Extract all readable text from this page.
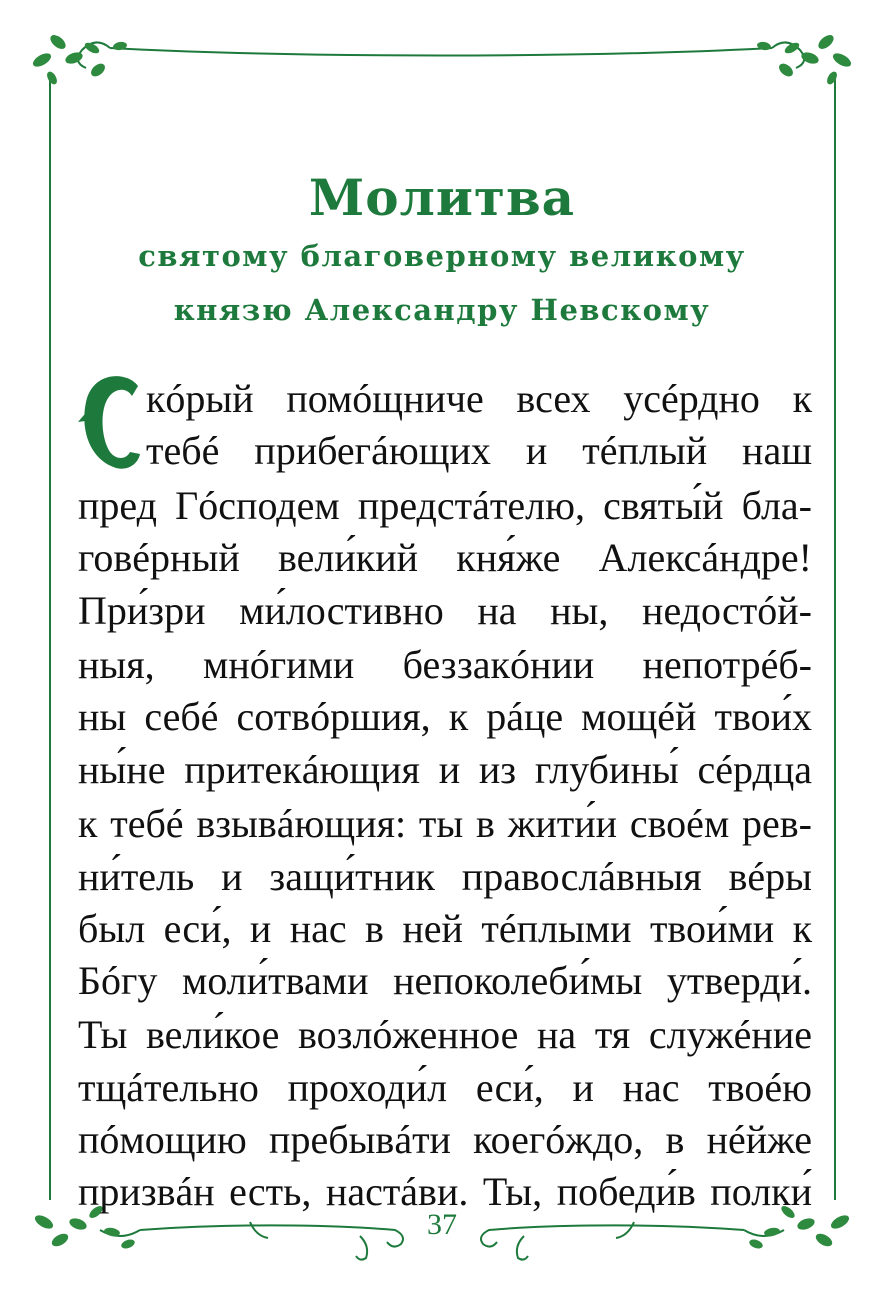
Молитва
святому благоверному великому
князю Александру Невскому
кóрый помóщниче всех усéрдно к
тебé прибегáющих и тéплый наш
пред Гóсподем предстáтелю, святы́й бла-
говéрный вели́кий кня́же Алексáндре!
При́зри ми́лостивно на ны, недостóй-
ныя, мнóгими беззакóнии непотрéб-
ны себé сотвóршия, к рáце мощéй твои́х
ны́не притекáющия и из глубины́ сéрдца
к тебé взывáющия: ты в жити́и своéм рев-
ни́тель и защи́тник правослáвныя вéры
был еси́, и нас в ней тéплыми твои́ми к
Бóгу моли́твами непоколеби́мы утверди́.
Ты вели́кое возлóженное на тя служéние
тщáтельно проходи́л еси́, и нас твоéю
пóмощию пребывáти коегóждо, в нéйже
призвáн есть, настáви. Ты, победи́в полки́
37
